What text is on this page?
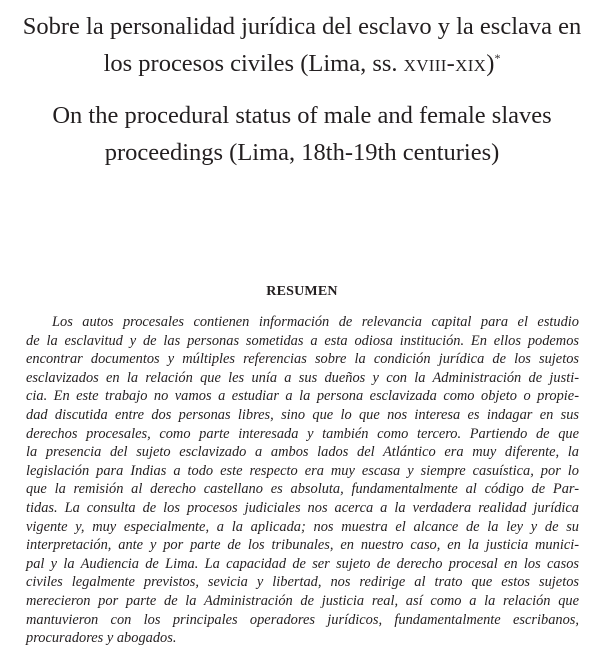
Sobre la personalidad jurídica del esclavo y la esclava en los procesos civiles (Lima, ss. xviii-xix)*
On the procedural status of male and female slaves proceedings (Lima, 18th-19th centuries)
RESUMEN
Los autos procesales contienen información de relevancia capital para el estudio
de la esclavitud y de las personas sometidas a esta odiosa institución. En ellos podemos
encontrar documentos y múltiples referencias sobre la condición jurídica de los sujetos
esclavizados en la relación que les unía a sus dueños y con la Administración de justi-
cia. En este trabajo no vamos a estudiar a la persona esclavizada como objeto o propie-
dad discutida entre dos personas libres, sino que lo que nos interesa es indagar en sus
derechos procesales, como parte interesada y también como tercero. Partiendo de que
la presencia del sujeto esclavizado a ambos lados del Atlántico era muy diferente, la
legislación para Indias a todo este respecto era muy escasa y siempre casuística, por lo
que la remisión al derecho castellano es absoluta, fundamentalmente al código de Par-
tidas. La consulta de los procesos judiciales nos acerca a la verdadera realidad jurídica
vigente y, muy especialmente, a la aplicada; nos muestra el alcance de la ley y de su
interpretación, ante y por parte de los tribunales, en nuestro caso, en la justicia munici-
pal y la Audiencia de Lima. La capacidad de ser sujeto de derecho procesal en los casos
civiles legalmente previstos, sevicia y libertad, nos redirige al trato que estos sujetos
merecieron por parte de la Administración de justicia real, así como a la relación que
mantuvieron con los principales operadores jurídicos, fundamentalmente escribanos,
procuradores y abogados.
